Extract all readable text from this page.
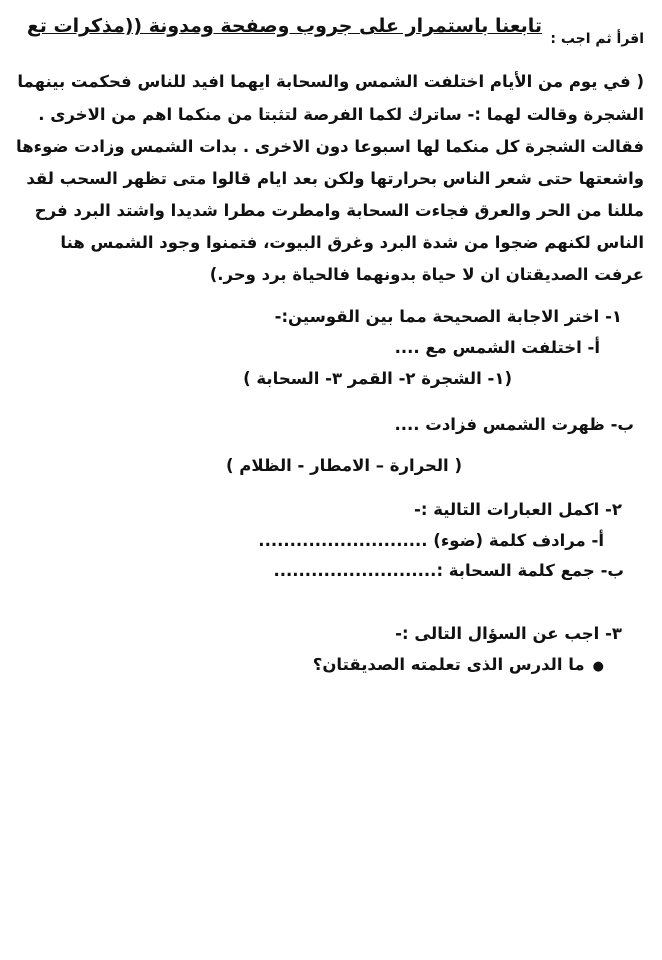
اقرأ ثم اجب :
تابعنا باستمرار على جروب وصفحة ومدونة ((مذكرات تع
( في يوم من الأيام اختلفت الشمس والسحابة ايهما افيد للناس فحكمت بينهما
الشجرة وقالت لهما :- ساترك لكما الفرصة لتثبتا من منكما اهم من الاخرى .
فقالت الشجرة كل منكما لها اسبوعا دون الاخرى . بدات الشمس وزادت ضوءها
واشعتها حتى شعر الناس بحرارتها ولكن بعد ايام قالوا متى تظهر السحب لقد
مللنا من الحر والعرق فجاءت السحابة وامطرت مطرا شديدا واشتد البرد فرح
الناس لكنهم ضجوا من شدة البرد وغرق البيوت، فتمنوا وجود الشمس هنا
عرفت الصديقتان ان لا حياة بدونهما فالحياة برد وحر.)
١- اختر الاجابة الصحيحة مما بين القوسين:-
أ- اختلفت الشمس مع ....
(١- الشجرة ٢- القمر ٣- السحابة )
ب- ظهرت الشمس فزادت ....
( الحرارة – الامطار - الظلام )
٢- اكمل العبارات التالية :-
أ- مرادف كلمة (ضوء) ...........................
ب- جمع كلمة السحابة :..........................
٣- اجب عن السؤال التالى :-
●ما الدرس الذى تعلمته الصديقتان؟
